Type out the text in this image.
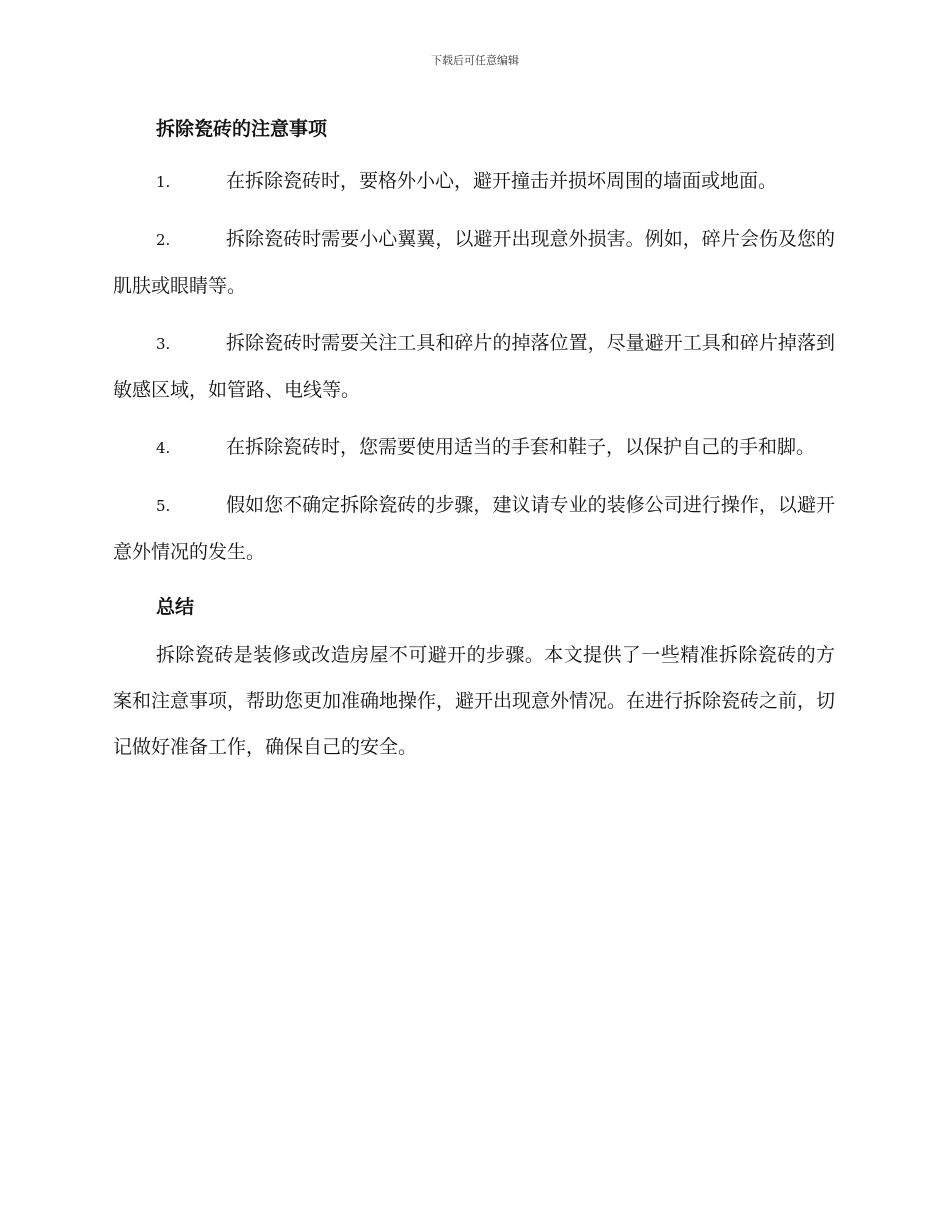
下载后可任意编辑
拆除瓷砖的注意事项
1.	在拆除瓷砖时，要格外小心，避开撞击并损坏周围的墙面或地面。
2.	拆除瓷砖时需要小心翼翼，以避开出现意外损害。例如，碎片会伤及您的肌肤或眼睛等。
3.	拆除瓷砖时需要关注工具和碎片的掉落位置，尽量避开工具和碎片掉落到敏感区域，如管路、电线等。
4.	在拆除瓷砖时，您需要使用适当的手套和鞋子，以保护自己的手和脚。
5.	假如您不确定拆除瓷砖的步骤，建议请专业的装修公司进行操作，以避开意外情况的发生。
总结

拆除瓷砖是装修或改造房屋不可避开的步骤。本文提供了一些精准拆除瓷砖的方案和注意事项，帮助您更加准确地操作，避开出现意外情况。在进行拆除瓷砖之前，切记做好准备工作，确保自己的安全。
